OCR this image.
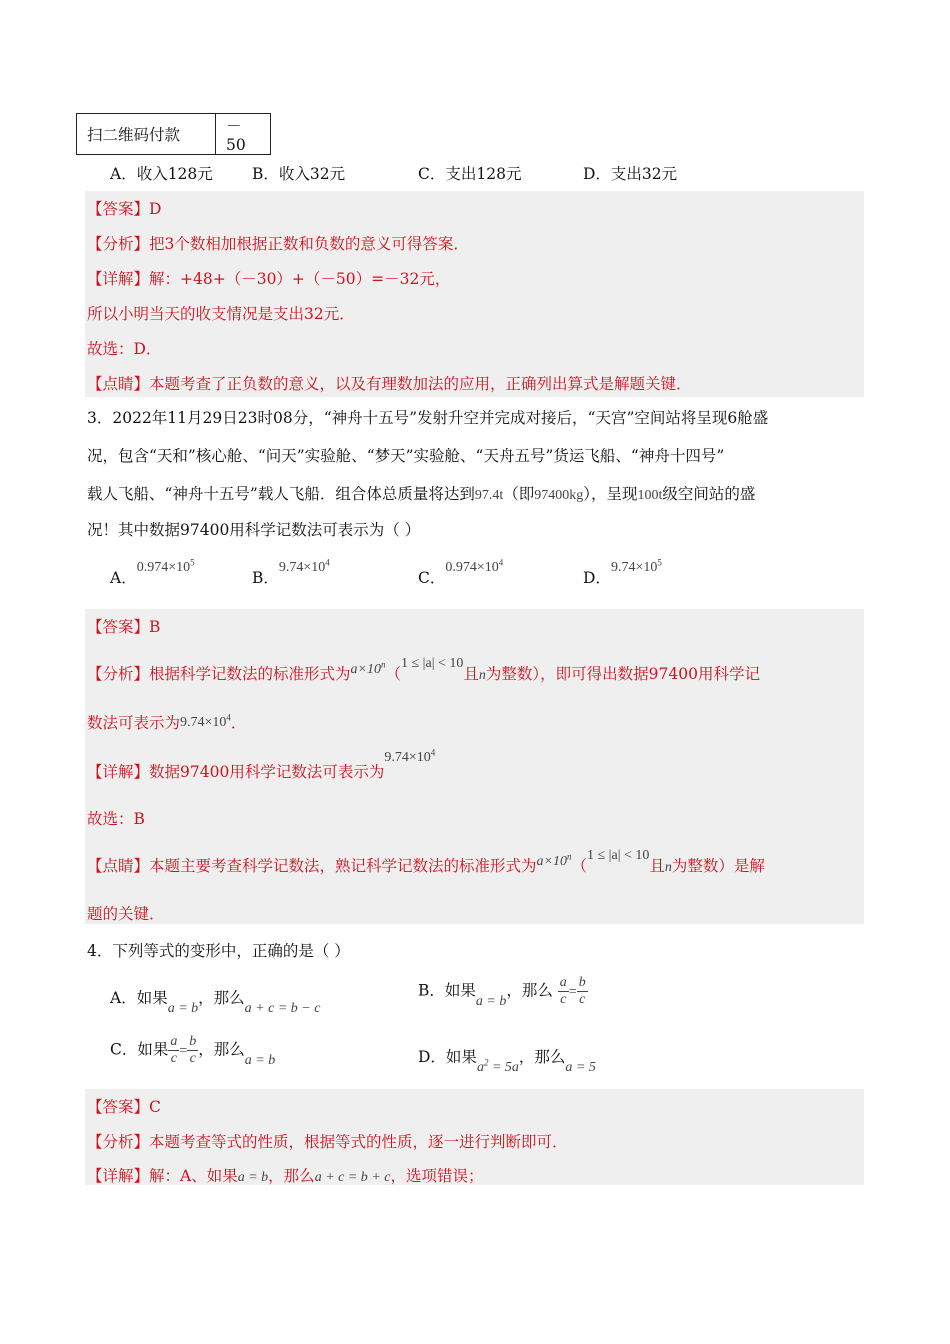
扫二维码付款	－50
A．收入128元	B．收入32元	C．支出128元	D．支出32元
【答案】D
【分析】把3个数相加根据正数和负数的意义可得答案．
【详解】解：+48+（－30）+（－50）=－32元，
所以小明当天的收支情况是支出32元．
故选：D．
【点睛】本题考查了正负数的意义，以及有理数加法的应用，正确列出算式是解题关键．
3．2022年11月29日23时08分，“神舟十五号”发射升空并完成对接后，“天宫”空间站将呈现6舱盛
况，包含“天和”核心舱、“问天”实验舱、“梦天”实验舱、“天舟五号”货运飞船、“神舟十四号”
载人飞船、“神舟十五号”载人飞船．组合体总质量将达到97.4t（即97400kg），呈现100t级空间站的盛
况！其中数据97400用科学记数法可表示为（ ）
A．$0.974\times 10^5$
B．$9.74\times 10^4$
C．$0.974\times 10^4$
D．$9.74\times 10^5$
【答案】B
【分析】根据科学记数法的标准形式为$a\times 10^n(1 \le |a| < 10$且n为整数），即可得出数据97400用科学记
数法可表示为$9.74\times 10^4$．
【详解】数据97400用科学记数法可表示为$9.74\times 10^4$
故选：B
【点睛】本题主要考查科学记数法，熟记科学记数法的标准形式为$a\times 10^n(1 \le |a| < 10$且n为整数）是解
题的关键．
4．下列等式的变形中，正确的是（ ）
A．如果a = b，那么a + c = b − c
B．如果a = b，那么 $\frac{a}{c} = \frac{b}{c}$
C．如果 $\frac{a}{c} = \frac{b}{c}$ ，那么a = b	D．如果$a^2 = 5a$，那么a = 5
【答案】C
【分析】本题考查等式的性质，根据等式的性质，逐一进行判断即可．
【详解】解：A、如果a = b，那么a + c = b + c，选项错误；
